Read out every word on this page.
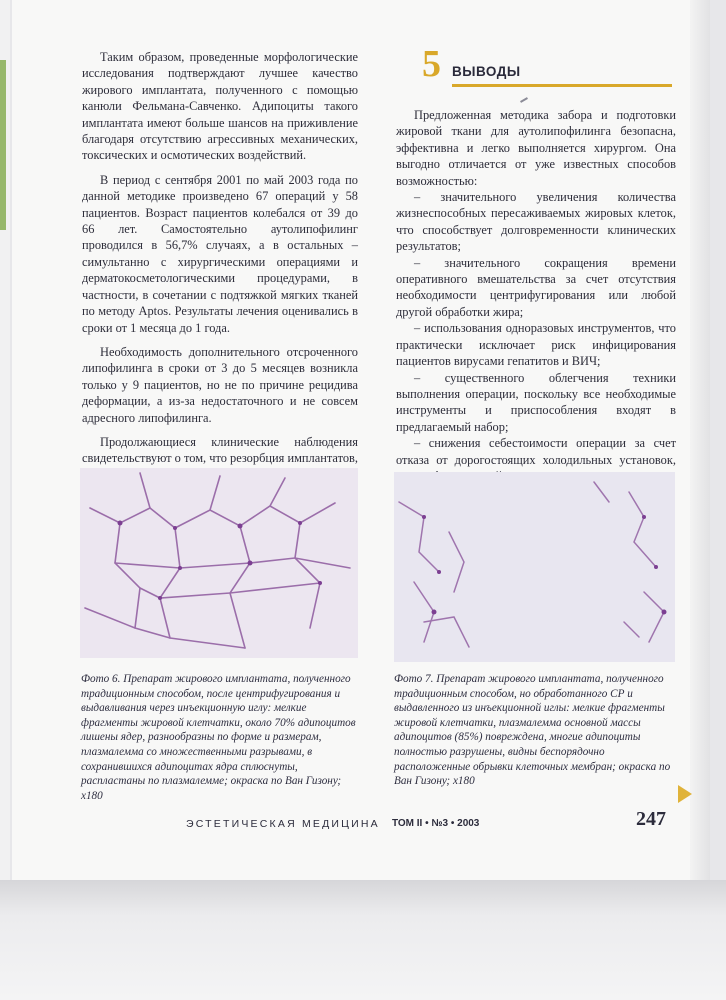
Таким образом, проведенные морфологические исследования подтверждают лучшее качество жирового имплантата, полученного с помощью канюли Фельмана-Савченко. Адипоциты такого имплантата имеют больше шансов на приживление благодаря отсутствию агрессивных механических, токсических и осмотических воздействий.

В период с сентября 2001 по май 2003 года по данной методике произведено 67 операций у 58 пациентов. Возраст пациентов колебался от 39 до 66 лет. Самостоятельно аутолипофилинг проводился в 56,7% случаях, а в остальных – симультанно с хирургическими операциями и дерматокосметологическими процедурами, в частности, в сочетании с подтяжкой мягких тканей по методу Aptos. Результаты лечения оценивались в сроки от 1 месяца до 1 года.

Необходимость дополнительного отсроченного липофилинга в сроки от 3 до 5 месяцев возникла только у 9 пациентов, но не по причине рецидива деформации, а из-за недостаточного и не совсем адресного липофилинга.

Продолжающиеся клинические наблюдения свидетельствуют о том, что резорбция имплантатов,

5 ВЫВОДЫ

Предложенная методика забора и подготовки жировой ткани для аутолипофилинга безопасна, эффективна и легко выполняется хирургом. Она выгодно отличается от уже известных способов возможностью:

– значительного увеличения количества жизнеспособных пересаживаемых жировых клеток, что способствует долговременности клинических результатов;

– значительного сокращения времени оперативного вмешательства за счет отсутствия необходимости центрифугирования или любой другой обработки жира;

– использования одноразовых инструментов, что практически исключает риск инфицирования пациентов вирусами гепатитов и ВИЧ;

– существенного облегчения техники выполнения операции, поскольку все необходимые инструменты и приспособления входят в предлагаемый набор;

– снижения себестоимости операции за счет отказа от дорогостоящих холодильных установок,

Фото 6. Препарат жирового имплантата, полученного традиционным способом, после центрифугирования и выдавливания через инъекционную иглу: мелкие фрагменты жировой клетчатки, около 70% адипоцитов лишены ядер, разнообразны по форме и размерам, плазмалемма со множественными разрывами, в сохранившихся адипоцитах ядра сплюснуты, распластаны по плазмалемме; окраска по Ван Гизону; х180
Фото 7. Препарат жирового имплантата, полученного традиционным способом, но обработанного СР и выдавленного из инъекционной иглы: мелкие фрагменты жировой клетчатки, плазмалемма основной массы адипоцитов (85%) повреждена, многие адипоциты полностью разрушены, видны беспорядочно расположенные обрывки клеточных мембран; окраска по Ван Гизону; х180
ЭСТЕТИЧЕСКАЯ МЕДИЦИНА ТОМ II • №3 • 2003	247
